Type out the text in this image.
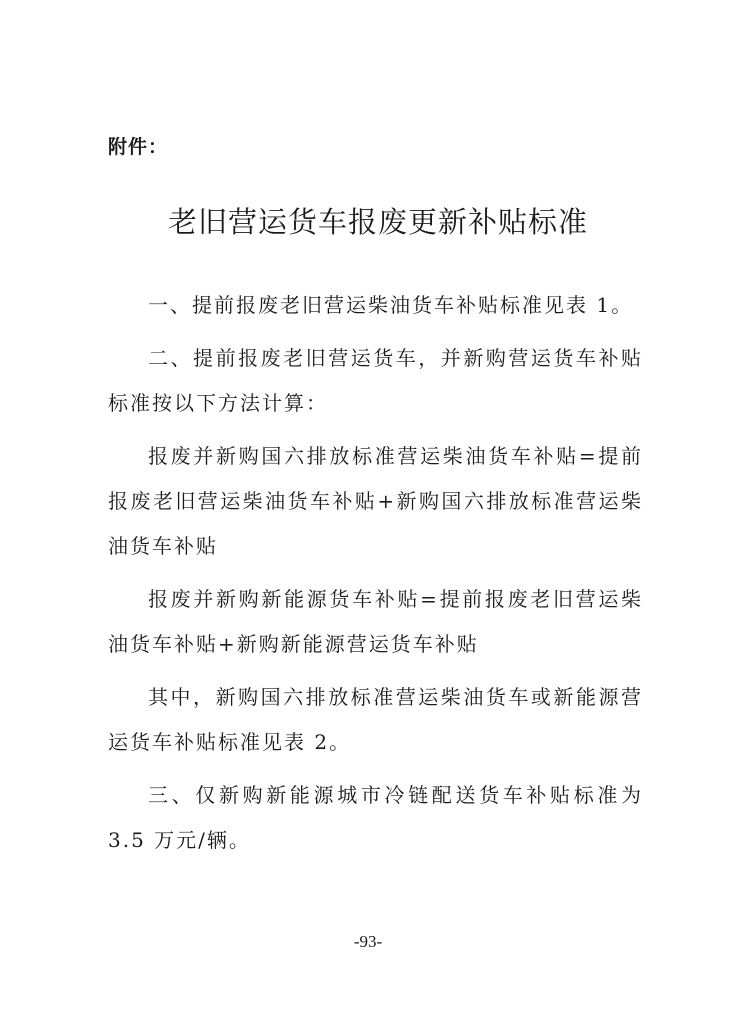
附件：
老旧营运货车报废更新补贴标准

一、提前报废老旧营运柴油货车补贴标准见表 1。

二、提前报废老旧营运货车，并新购营运货车补贴标准按以下方法计算：

报废并新购国六排放标准营运柴油货车补贴=提前报废老旧营运柴油货车补贴+新购国六排放标准营运柴油货车补贴

报废并新购新能源货车补贴=提前报废老旧营运柴油货车补贴+新购新能源营运货车补贴

其中，新购国六排放标准营运柴油货车或新能源营运货车补贴标准见表 2。

三、仅新购新能源城市冷链配送货车补贴标准为 3.5 万元/辆。

-93-
